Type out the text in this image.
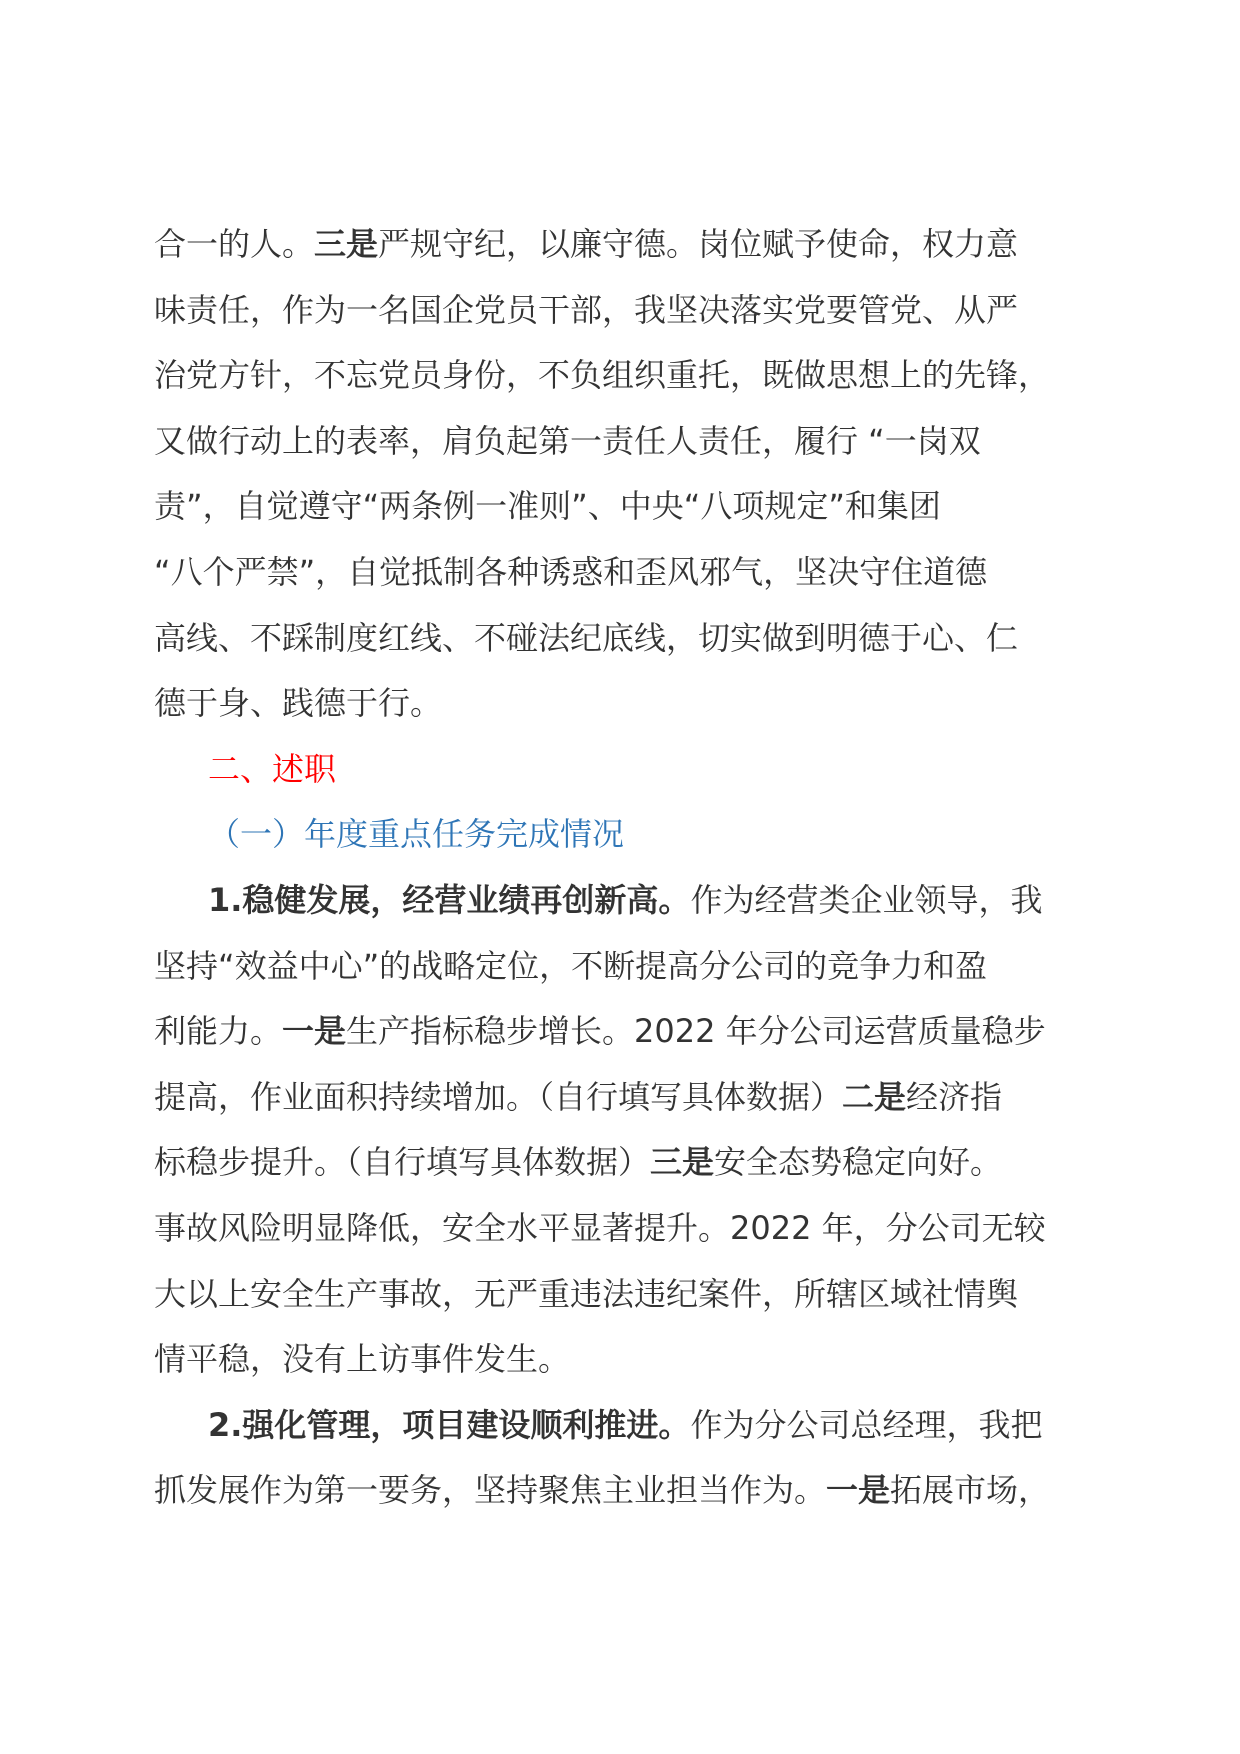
合一的人。三是严规守纪，以廉守德。岗位赋予使命，权力意
味责任，作为一名国企党员干部，我坚决落实党要管党、从严
治党方针，不忘党员身份，不负组织重托，既做思想上的先锋，
又做行动上的表率，肩负起第一责任人责任，履行 “一岗双
责”，自觉遵守“两条例一准则”、中央“八项规定”和集团
“八个严禁”，自觉抵制各种诱惑和歪风邪气，坚决守住道德
高线、不踩制度红线、不碰法纪底线，切实做到明德于心、仁
德于身、践德于行。
二、述职
（一）年度重点任务完成情况
1.稳健发展，经营业绩再创新高。作为经营类企业领导，我
坚持“效益中心”的战略定位，不断提高分公司的竞争力和盈
利能力。一是生产指标稳步增长。2022 年分公司运营质量稳步
提高，作业面积持续增加。（自行填写具体数据）二是经济指
标稳步提升。（自行填写具体数据）三是安全态势稳定向好。
事故风险明显降低，安全水平显著提升。2022 年，分公司无较
大以上安全生产事故，无严重违法违纪案件，所辖区域社情舆
情平稳，没有上访事件发生。
2.强化管理，项目建设顺利推进。作为分公司总经理，我把
抓发展作为第一要务，坚持聚焦主业担当作为。一是拓展市场，
